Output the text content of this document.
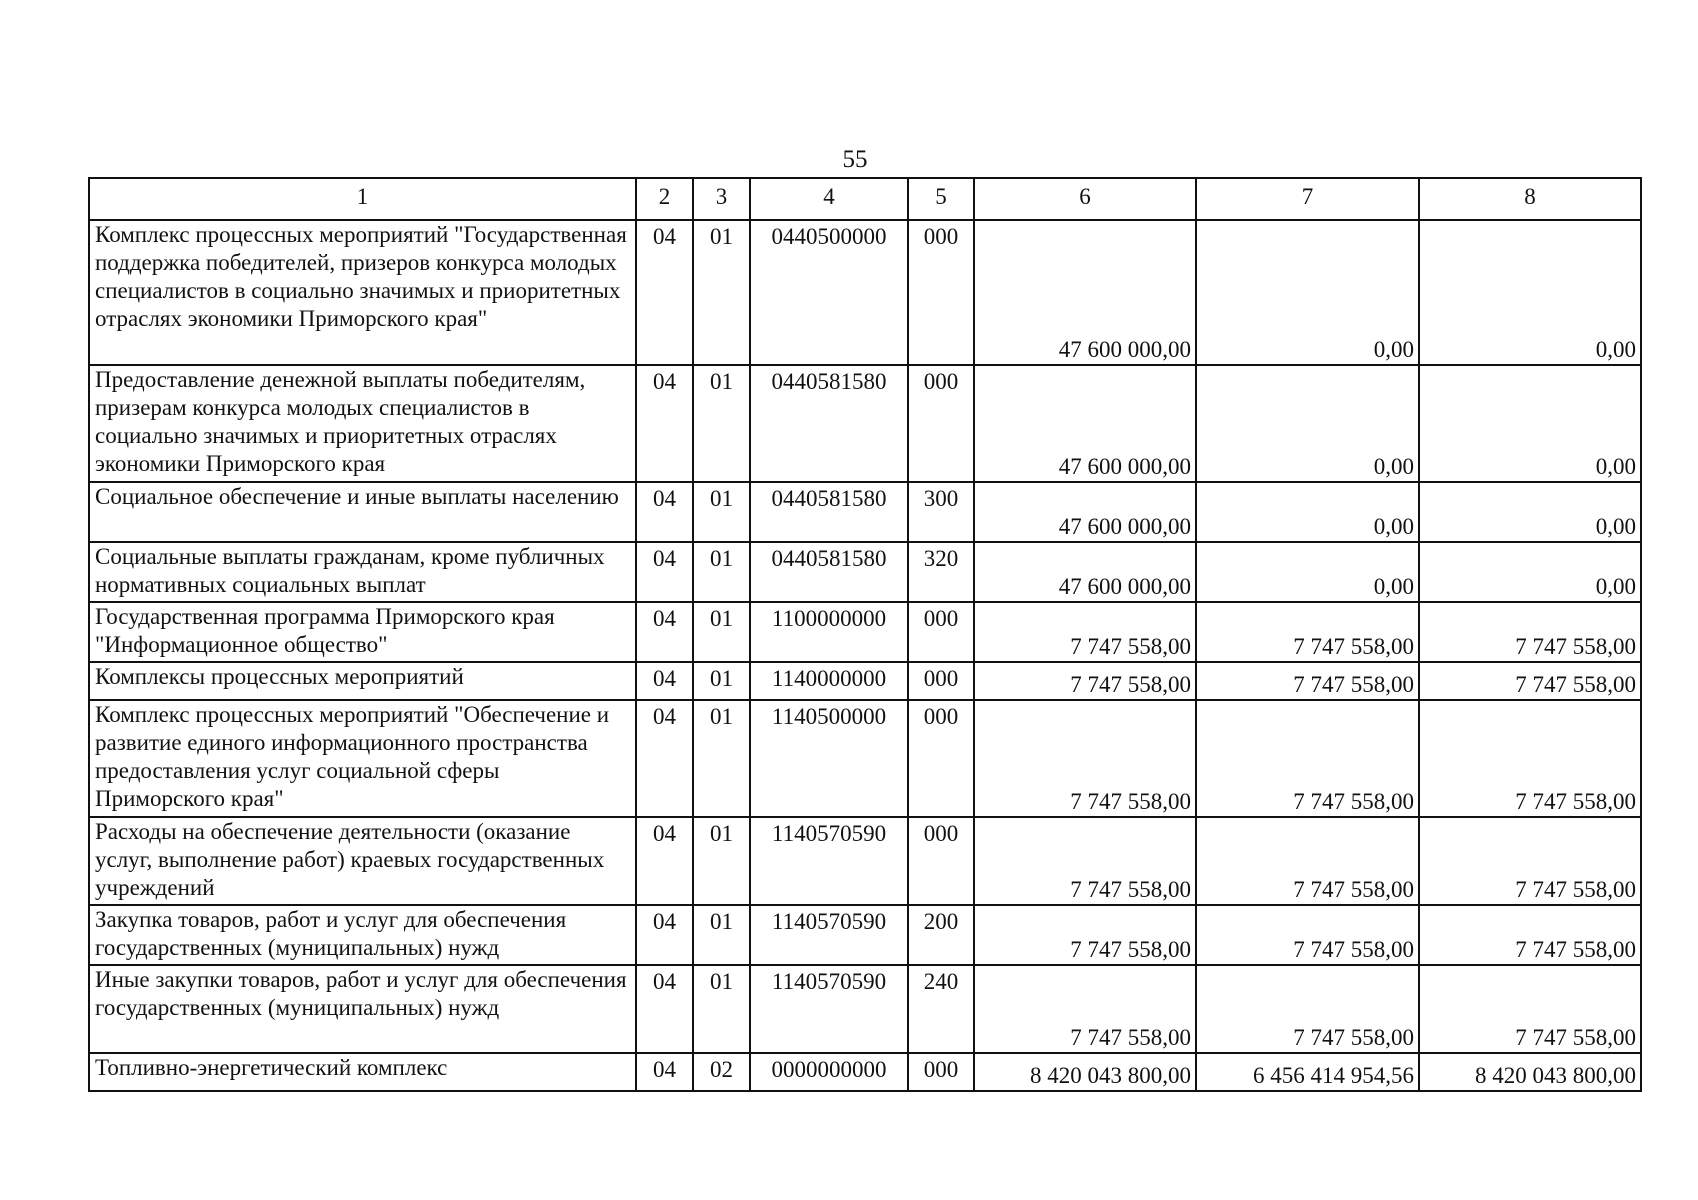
55
1	2	3	4	5	6	7	8
Комплекс процессных мероприятий "Государственная поддержка победителей, призеров конкурса молодых специалистов в социально значимых и приоритетных отраслях экономики Приморского края"	04	01	0440500000	000	47 600 000,00	0,00	0,00
Предоставление денежной выплаты победителям, призерам конкурса молодых специалистов в социально значимых и приоритетных отраслях экономики Приморского края	04	01	0440581580	000	47 600 000,00	0,00	0,00
Социальное обеспечение и иные выплаты населению	04	01	0440581580	300	47 600 000,00	0,00	0,00
Социальные выплаты гражданам, кроме публичных нормативных социальных выплат	04	01	0440581580	320	47 600 000,00	0,00	0,00
Государственная программа Приморского края "Информационное общество"	04	01	1100000000	000	7 747 558,00	7 747 558,00	7 747 558,00
Комплексы процессных мероприятий	04	01	1140000000	000	7 747 558,00	7 747 558,00	7 747 558,00
Комплекс процессных мероприятий "Обеспечение и развитие единого информационного пространства предоставления услуг социальной сферы Приморского края"	04	01	1140500000	000	7 747 558,00	7 747 558,00	7 747 558,00
Расходы на обеспечение деятельности (оказание услуг, выполнение работ) краевых государственных учреждений	04	01	1140570590	000	7 747 558,00	7 747 558,00	7 747 558,00
Закупка товаров, работ и услуг для обеспечения государственных (муниципальных) нужд	04	01	1140570590	200	7 747 558,00	7 747 558,00	7 747 558,00
Иные закупки товаров, работ и услуг для обеспечения государственных (муниципальных) нужд	04	01	1140570590	240	7 747 558,00	7 747 558,00	7 747 558,00
Топливно-энергетический комплекс	04	02	0000000000	000	8 420 043 800,00	6 456 414 954,56	8 420 043 800,00
